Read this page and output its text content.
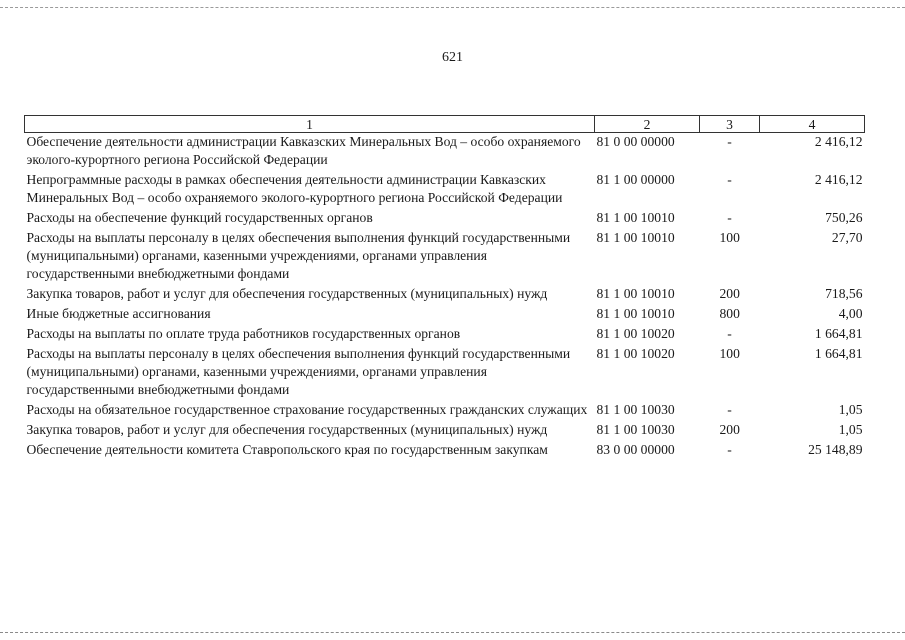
621
1	2	3	4
Обеспечение деятельности администрации Кавказских Минеральных Вод – особо охраняемого эколого-курортного региона Российской Федерации	81 0 00 00000	-	2 416,12
Непрограммные расходы в рамках обеспечения деятельности администрации Кавказских Минеральных Вод – особо охраняемого эколого-курортного региона Российской Федерации	81 1 00 00000	-	2 416,12
Расходы на обеспечение функций государственных органов	81 1 00 10010	-	750,26
Расходы на выплаты персоналу в целях обеспечения выполнения функций государственными (муниципальными) органами, казенными учреждениями, органами управления государственными внебюджетными фондами	81 1 00 10010	100	27,70
Закупка товаров, работ и услуг для обеспечения государственных (муниципальных) нужд	81 1 00 10010	200	718,56
Иные бюджетные ассигнования	81 1 00 10010	800	4,00
Расходы на выплаты по оплате труда работников государственных органов	81 1 00 10020	-	1 664,81
Расходы на выплаты персоналу в целях обеспечения выполнения функций государственными (муниципальными) органами, казенными учреждениями, органами управления государственными внебюджетными фондами	81 1 00 10020	100	1 664,81
Расходы на обязательное государственное страхование государственных гражданских служащих	81 1 00 10030	-	1,05
Закупка товаров, работ и услуг для обеспечения государственных (муниципальных) нужд	81 1 00 10030	200	1,05
Обеспечение деятельности комитета Ставропольского края по государственным закупкам	83 0 00 00000	-	25 148,89
